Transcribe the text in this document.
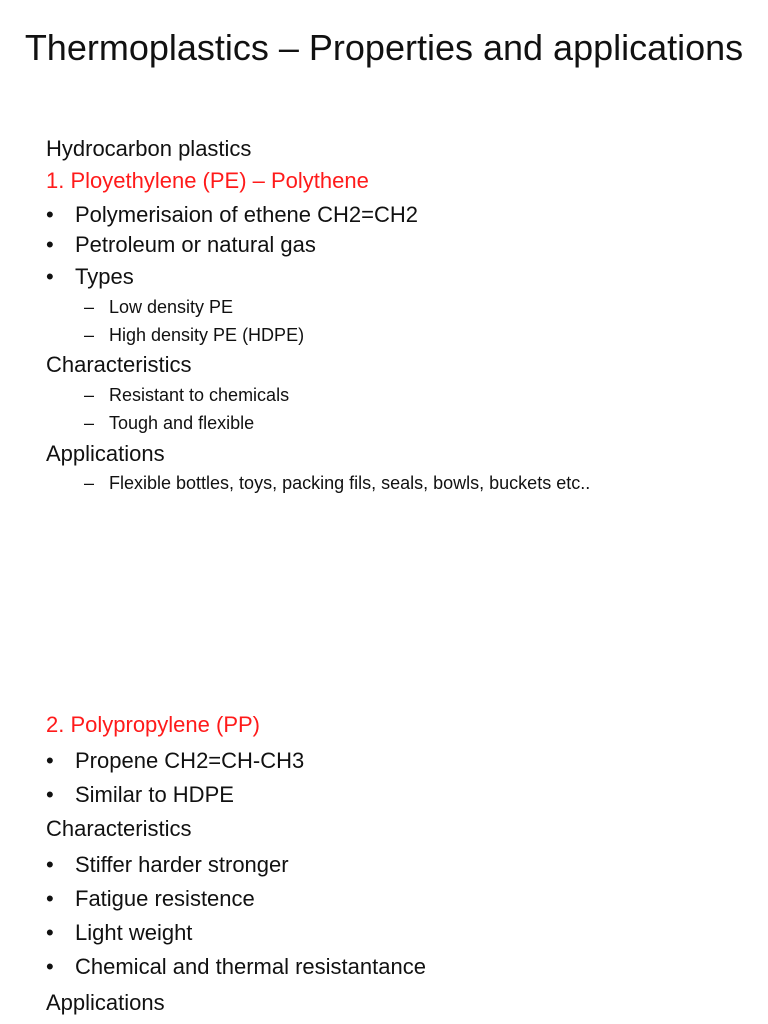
Thermoplastics – Properties and applications
Hydrocarbon plastics
1. Ployethylene (PE) – Polythene
• Polymerisaion of ethene CH2=CH2
• Petroleum or natural gas
• Types
– Low density PE
– High density PE (HDPE)
Characteristics
– Resistant to chemicals
– Tough and flexible
Applications
– Flexible bottles, toys, packing fils, seals, bowls, buckets etc..
2. Polypropylene (PP)
• Propene CH2=CH-CH3
• Similar to HDPE
Characteristics
• Stiffer harder stronger
• Fatigue resistence
• Light weight
• Chemical and thermal resistantance
Applications
